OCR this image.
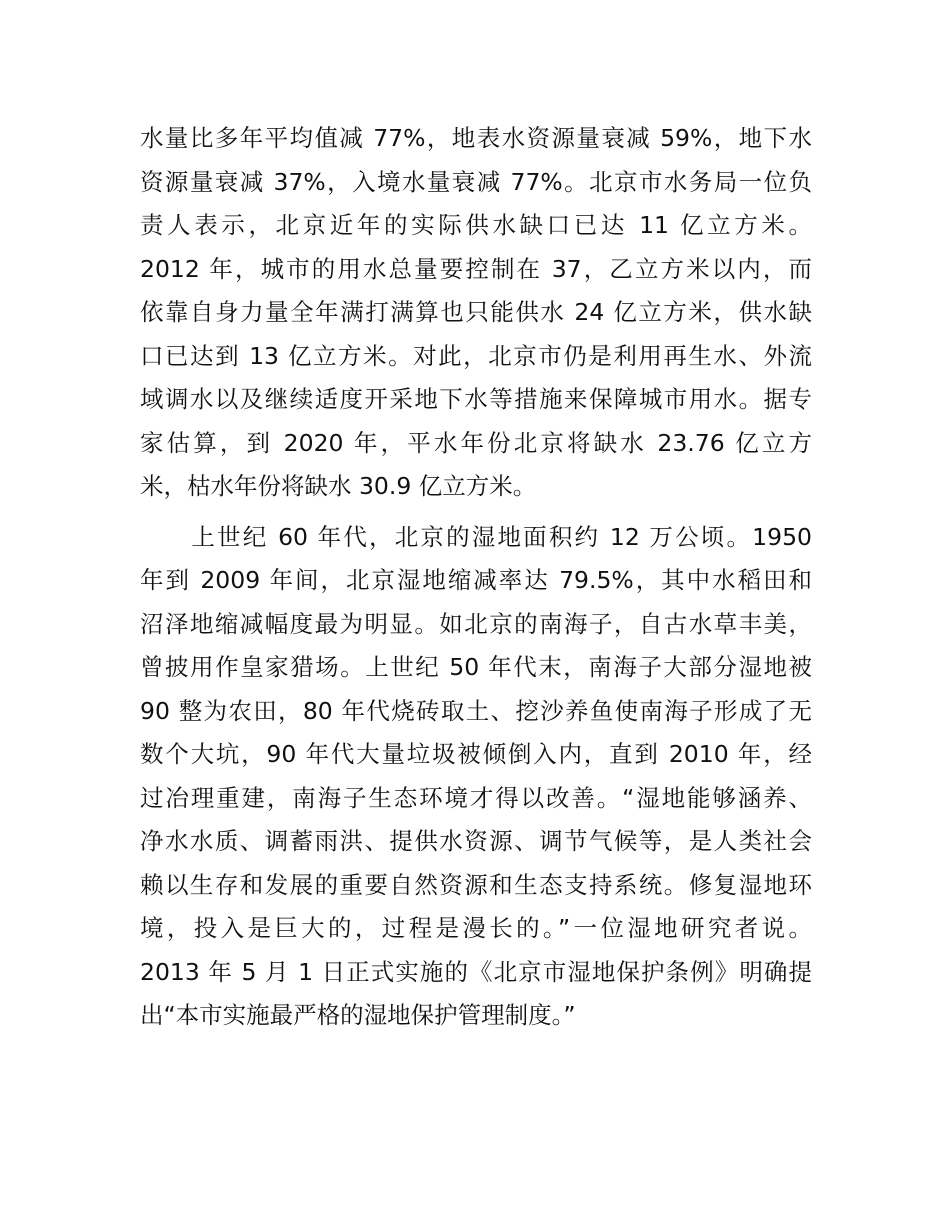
水量比多年平均值减 77%，地表水资源量衰减 59%，地下水
资源量衰减 37%，入境水量衰减 77%。北京市水务局一位负
责人表示，北京近年的实际供水缺口已达 11 亿立方米。
2012 年，城市的用水总量要控制在 37，乙立方米以内，而
依靠自身力量全年满打满算也只能供水 24 亿立方米，供水缺
口已达到 13 亿立方米。对此，北京市仍是利用再生水、外流
域调水以及继续适度开采地下水等措施来保障城市用水。据专
家估算，到 2020 年，平水年份北京将缺水 23.76 亿立方
米，枯水年份将缺水 30.9 亿立方米。
　　上世纪 60 年代，北京的湿地面积约 12 万公顷。1950
年到 2009 年间，北京湿地缩减率达 79.5%，其中水稻田和
沼泽地缩减幅度最为明显。如北京的南海子，自古水草丰美，
曾披用作皇家猎场。上世纪 50 年代末，南海子大部分湿地被
90 整为农田，80 年代烧砖取土、挖沙养鱼使南海子形成了无
数个大坑，90 年代大量垃圾被倾倒入内，直到 2010 年，经
过冶理重建，南海子生态环境才得以改善。“湿地能够涵养、
净水水质、调蓄雨洪、提供水资源、调节气候等，是人类社会
赖以生存和发展的重要自然资源和生态支持系统。修复湿地环
境，投入是巨大的，过程是漫长的。”一位湿地研究者说。
2013 年 5 月 1 日正式实施的《北京市湿地保护条例》明确提
出“本市实施最严格的湿地保护管理制度。”
